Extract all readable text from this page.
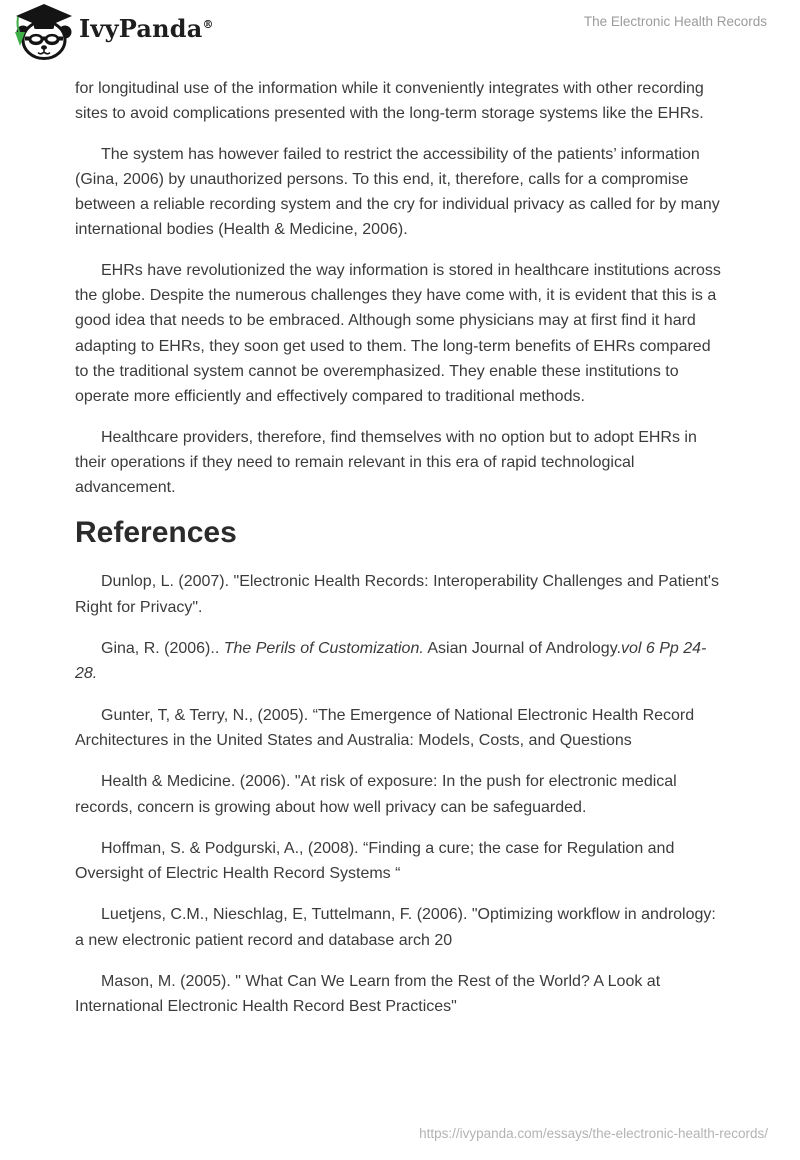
IvyPanda®	The Electronic Health Records

for longitudinal use of the information while it conveniently integrates with other recording sites to avoid complications presented with the long-term storage systems like the EHRs.

The system has however failed to restrict the accessibility of the patients’ information (Gina, 2006) by unauthorized persons. To this end, it, therefore, calls for a compromise between a reliable recording system and the cry for individual privacy as called for by many international bodies (Health & Medicine, 2006).

EHRs have revolutionized the way information is stored in healthcare institutions across the globe. Despite the numerous challenges they have come with, it is evident that this is a good idea that needs to be embraced. Although some physicians may at first find it hard adapting to EHRs, they soon get used to them. The long-term benefits of EHRs compared to the traditional system cannot be overemphasized. They enable these institutions to operate more efficiently and effectively compared to traditional methods.

Healthcare providers, therefore, find themselves with no option but to adopt EHRs in their operations if they need to remain relevant in this era of rapid technological advancement.

References

Dunlop, L. (2007). "Electronic Health Records: Interoperability Challenges and Patient's Right for Privacy".

Gina, R. (2006).. The Perils of Customization. Asian Journal of Andrology.vol 6 Pp 24-28.

Gunter, T, & Terry, N., (2005). “The Emergence of National Electronic Health Record Architectures in the United States and Australia: Models, Costs, and Questions

Health & Medicine. (2006). "At risk of exposure: In the push for electronic medical records, concern is growing about how well privacy can be safeguarded.

Hoffman, S. & Podgurski, A., (2008). “Finding a cure; the case for Regulation and Oversight of Electric Health Record Systems “

Luetjens, C.M., Nieschlag, E, Tuttelmann, F. (2006). "Optimizing workflow in andrology: a new electronic patient record and database arch 20

Mason, M. (2005). " What Can We Learn from the Rest of the World? A Look at International Electronic Health Record Best Practices"

https://ivypanda.com/essays/the-electronic-health-records/
